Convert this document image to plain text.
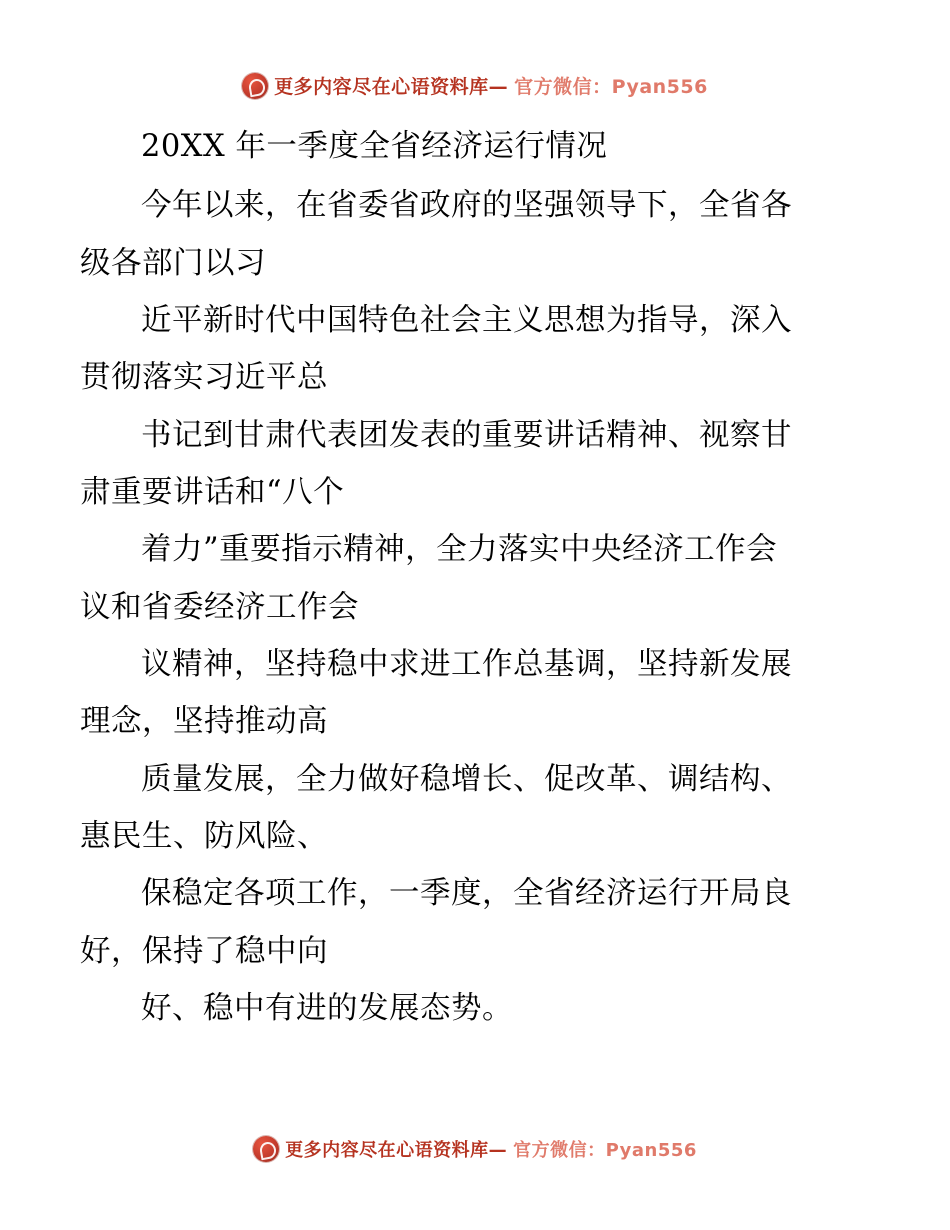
更多内容尽在心语资料库— 官方微信：Pyan556
20XX 年一季度全省经济运行情况
今年以来，在省委省政府的坚强领导下，全省各
级各部门以习
近平新时代中国特色社会主义思想为指导，深入
贯彻落实习近平总
书记到甘肃代表团发表的重要讲话精神、视察甘
肃重要讲话和“八个
着力”重要指示精神，全力落实中央经济工作会
议和省委经济工作会
议精神，坚持稳中求进工作总基调，坚持新发展
理念，坚持推动高
质量发展，全力做好稳增长、促改革、调结构、
惠民生、防风险、
保稳定各项工作，一季度，全省经济运行开局良
好，保持了稳中向
好、稳中有进的发展态势。
更多内容尽在心语资料库— 官方微信：Pyan556
